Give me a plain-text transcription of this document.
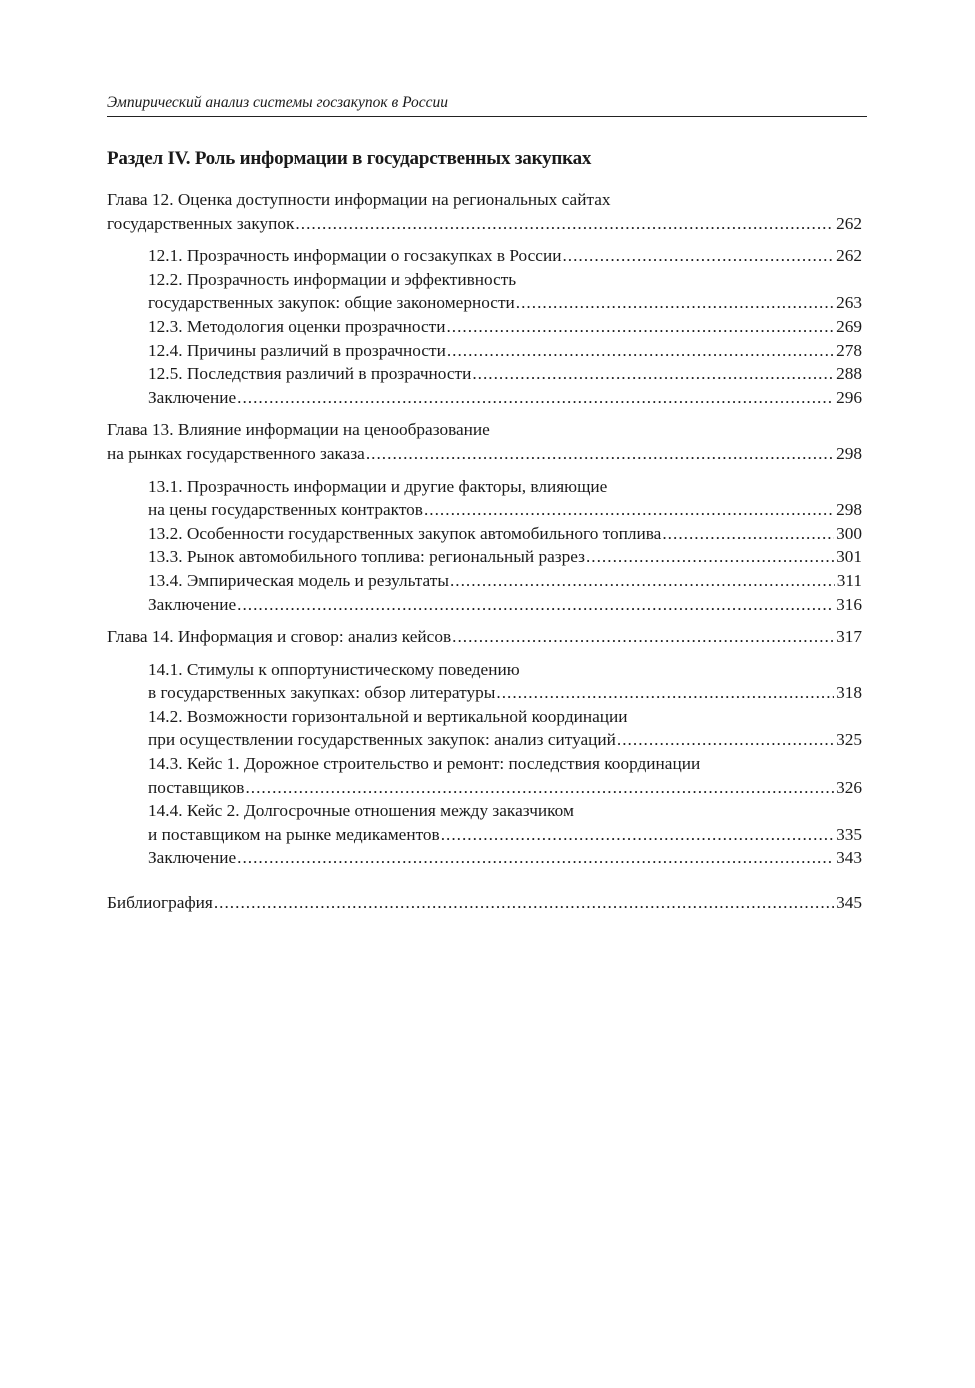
Эмпирический анализ системы госзакупок в России
Раздел IV. Роль информации в государственных закупках
Глава 12. Оценка доступности информации на региональных сайтах
государственных закупок .....	262
12.1. Прозрачность информации о госзакупках в России .....	262
12.2. Прозрачность информации и эффективность
государственных закупок: общие закономерности .....	263
12.3. Методология оценки прозрачности .....	269
12.4. Причины различий в прозрачности .....	278
12.5. Последствия различий в прозрачности .....	288
Заключение .....	296
Глава 13. Влияние информации на ценообразование
на рынках государственного заказа .....	298
13.1. Прозрачность информации и другие факторы, влияющие
на цены государственных контрактов .....	298
13.2. Особенности государственных закупок автомобильного топлива .....	300
13.3. Рынок автомобильного топлива: региональный разрез .....	301
13.4. Эмпирическая модель и результаты .....	311
Заключение .....	316
Глава 14. Информация и сговор: анализ кейсов .....	317
14.1. Стимулы к оппортунистическому поведению
в государственных закупках: обзор литературы .....	318
14.2. Возможности горизонтальной и вертикальной координации
при осуществлении государственных закупок: анализ ситуаций .....	325
14.3. Кейс 1. Дорожное строительство и ремонт: последствия координации
поставщиков .....	326
14.4. Кейс 2. Долгосрочные отношения между заказчиком
и поставщиком на рынке медикаментов .....	335
Заключение .....	343
Библиография .....	345
